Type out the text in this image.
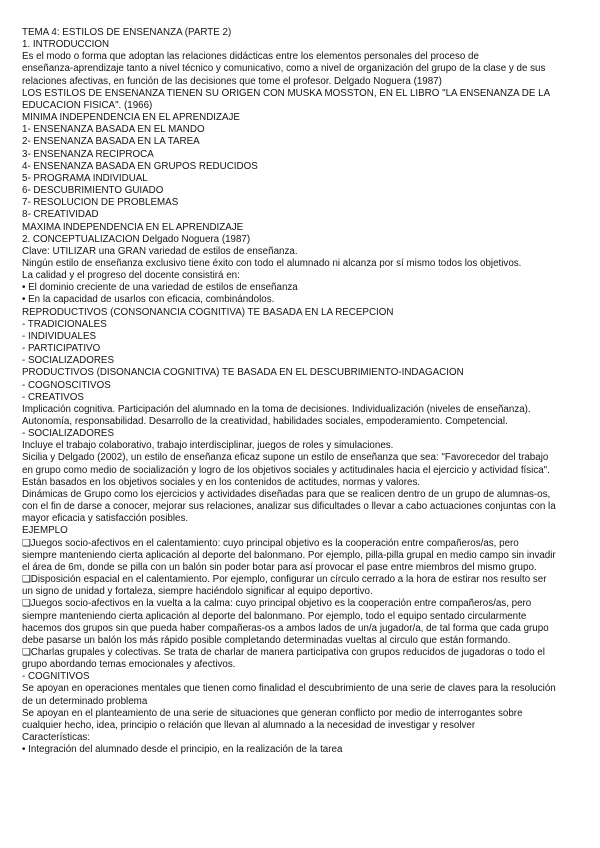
TEMA 4: ESTILOS DE ENSEÑANZA (PARTE 2)
1. INTRODUCCIÓN
Es el modo o forma que adoptan las relaciones didácticas entre los elementos personales del proceso de
enseñanza-aprendizaje tanto a nivel técnico y comunicativo, como a nivel de organización del grupo de la clase y de sus
relaciones afectivas, en función de las decisiones que tome el profesor. Delgado Noguera (1987)
LOS ESTILOS DE ENSEÑANZA TIENEN SU ORIGEN CON MUSKA MOSSTON, EN EL LIBRO "LA ENSEÑANZA DE LA
EDUCACIÓN FÍSICA". (1966)
MÍNIMA INDEPENDENCIA EN EL APRENDIZAJE
1- ENSEÑANZA BASADA EN EL MANDO
2- ENSEÑANZA BASADA EN LA TAREA
3- ENSEÑANZA RECÍPROCA
4- ENSEÑANZA BASADA EN GRUPOS REDUCIDOS
5- PROGRAMA INDIVIDUAL
6- DESCUBRIMIENTO GUIADO
7- RESOLUCIÓN DE PROBLEMAS
8- CREATIVIDAD
MÁXIMA INDEPENDENCIA EN EL APRENDIZAJE
2. CONCEPTUALIZACIÓN Delgado Noguera (1987)
Clave: UTILIZAR una GRAN variedad de estilos de enseñanza.
Ningún estilo de enseñanza exclusivo tiene éxito con todo el alumnado ni alcanza por sí mismo todos los objetivos.
La calidad y el progreso del docente consistirá en:
• El dominio creciente de una variedad de estilos de enseñanza
• En la capacidad de usarlos con eficacia, combinándolos.
REPRODUCTIVOS (CONSONANCIA COGNITIVA) TE BASADA EN LA RECEPCIÓN
- TRADICIONALES
- INDIVIDUALES
- PARTICIPATIVO
- SOCIALIZADORES
PRODUCTIVOS (DISONANCIA COGNITIVA) TE BASADA EN EL DESCUBRIMIENTO-INDAGACIÓN
- COGNOSCITIVOS
- CREATIVOS
Implicación cognitiva. Participación del alumnado en la toma de decisiones. Individualización (niveles de enseñanza).
Autonomía, responsabilidad. Desarrollo de la creatividad, habilidades sociales, empoderamiento. Competencial.
- SOCIALIZADORES
Incluye el trabajo colaborativo, trabajo interdisciplinar, juegos de roles y simulaciones.
Sicilia y Delgado (2002), un estilo de enseñanza eficaz supone un estilo de enseñanza que sea: "Favorecedor del trabajo
en grupo como medio de socialización y logro de los objetivos sociales y actitudinales hacia el ejercicio y actividad física".
Están basados en los objetivos sociales y en los contenidos de actitudes, normas y valores.
Dinámicas de Grupo como los ejercicios y actividades diseñadas para que se realicen dentro de un grupo de alumnas-os,
con el fin de darse a conocer, mejorar sus relaciones, analizar sus dificultades o llevar a cabo actuaciones conjuntas con la
mayor eficacia y satisfacción posibles.
EJEMPLO
❑Juegos socio-afectivos en el calentamiento: cuyo principal objetivo es la cooperación entre compañeros/as, pero
siempre manteniendo cierta aplicación al deporte del balonmano. Por ejemplo, pilla-pilla grupal en medio campo sin invadir
el área de 6m, donde se pilla con un balón sin poder botar para así provocar el pase entre miembros del mismo grupo.
❑Disposición espacial en el calentamiento. Por ejemplo, configurar un círculo cerrado a la hora de estirar nos resulto ser
un signo de unidad y fortaleza, siempre haciéndolo significar al equipo deportivo.
❑Juegos socio-afectivos en la vuelta a la calma: cuyo principal objetivo es la cooperación entre compañeros/as, pero
siempre manteniendo cierta aplicación al deporte del balonmano. Por ejemplo, todo el equipo sentado circularmente
hacemos dos grupos sin que pueda haber compañeras-os a ambos lados de un/a jugador/a, de tal forma que cada grupo
debe pasarse un balón los más rápido posible completando determinadas vueltas al circulo que están formando.
❑Charlas grupales y colectivas. Se trata de charlar de manera participativa con grupos reducidos de jugadoras o todo el
grupo abordando temas emocionales y afectivos.
- COGNITIVOS
Se apoyan en operaciones mentales que tienen como finalidad el descubrimiento de una serie de claves para la resolución
de un determinado problema
Se apoyan en el planteamiento de una serie de situaciones que generan conflicto por medio de interrogantes sobre
cualquier hecho, idea, principio o relación que llevan al alumnado a la necesidad de investigar y resolver
Características:
• Integración del alumnado desde el principio, en la realización de la tarea
